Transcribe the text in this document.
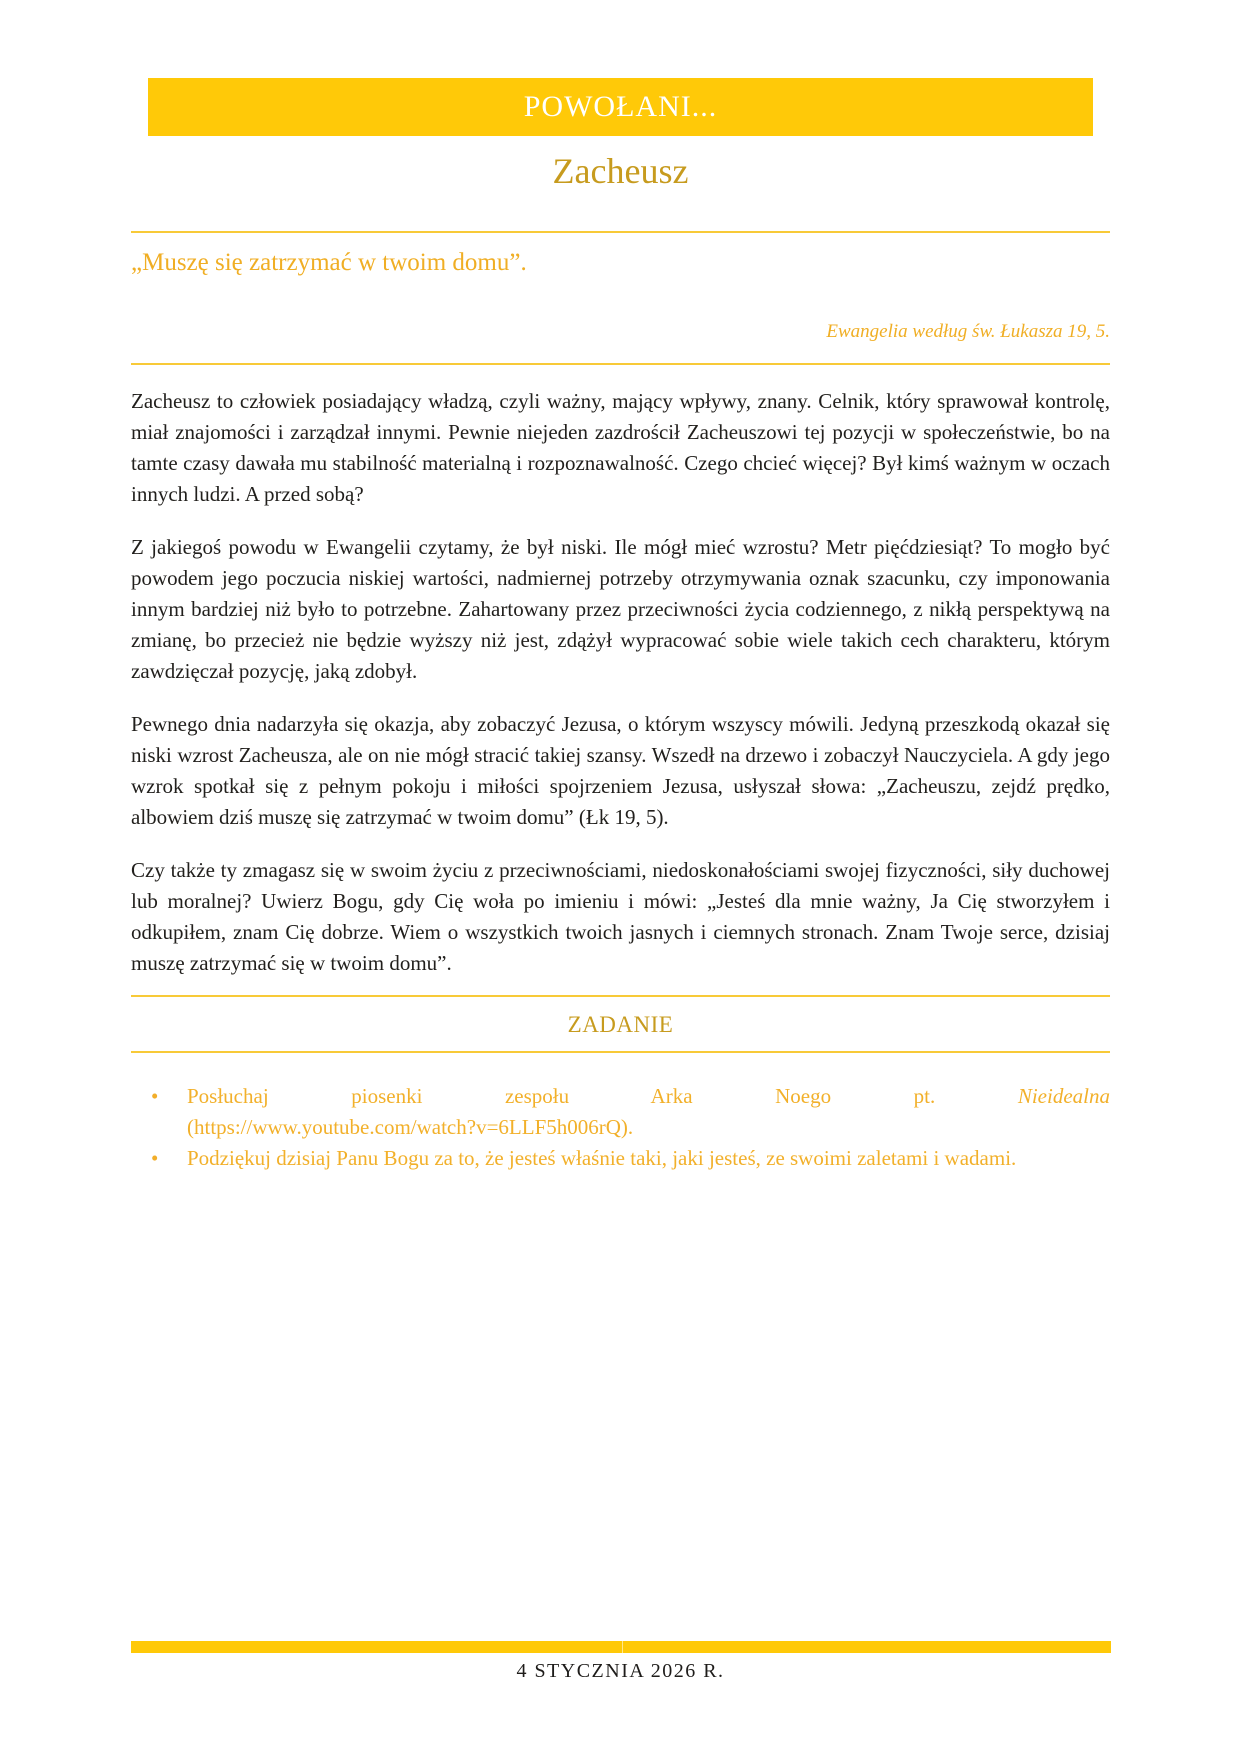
POWOŁANI...
Zacheusz
„Muszę się zatrzymać w twoim domu”.
Ewangelia według św. Łukasza 19, 5.

Zacheusz to człowiek posiadający władzą, czyli ważny, mający wpływy, znany. Celnik, który sprawował kontrolę, miał znajomości i zarządzał innymi. Pewnie niejeden zazdrościł Zacheuszowi tej pozycji w społeczeństwie, bo na tamte czasy dawała mu stabilność materialną i rozpoznawalność. Czego chcieć więcej? Był kimś ważnym w oczach innych ludzi. A przed sobą?

Z jakiegoś powodu w Ewangelii czytamy, że był niski. Ile mógł mieć wzrostu? Metr pięćdziesiąt? To mogło być powodem jego poczucia niskiej wartości, nadmiernej potrzeby otrzymywania oznak szacunku, czy imponowania innym bardziej niż było to potrzebne. Zahartowany przez przeciwności życia codziennego, z nikłą perspektywą na zmianę, bo przecież nie będzie wyższy niż jest, zdążył wypracować sobie wiele takich cech charakteru, którym zawdzięczał pozycję, jaką zdobył.

Pewnego dnia nadarzyła się okazja, aby zobaczyć Jezusa, o którym wszyscy mówili. Jedyną przeszkodą okazał się niski wzrost Zacheusza, ale on nie mógł stracić takiej szansy. Wszedł na drzewo i zobaczył Nauczyciela. A gdy jego wzrok spotkał się z pełnym pokoju i miłości spojrzeniem Jezusa, usłyszał słowa: „Zacheuszu, zejdź prędko, albowiem dziś muszę się zatrzymać w twoim domu” (Łk 19, 5).

Czy także ty zmagasz się w swoim życiu z przeciwnościami, niedoskonałościami swojej fizyczności, siły duchowej lub moralnej? Uwierz Bogu, gdy Cię woła po imieniu i mówi: „Jesteś dla mnie ważny, Ja Cię stworzyłem i odkupiłem, znam Cię dobrze. Wiem o wszystkich twoich jasnych i ciemnych stronach. Znam Twoje serce, dzisiaj muszę zatrzymać się w twoim domu”.

ZADANIE
• Posłuchaj piosenki zespołu Arka Noego pt.	Nieidealna (https://www.youtube.com/watch?v=6LLF5h006rQ).
• Podziękuj dzisiaj Panu Bogu za to, że jesteś właśnie taki, jaki jesteś, ze swoimi zaletami i wadami.
4 STYCZNIA 2026 R.
